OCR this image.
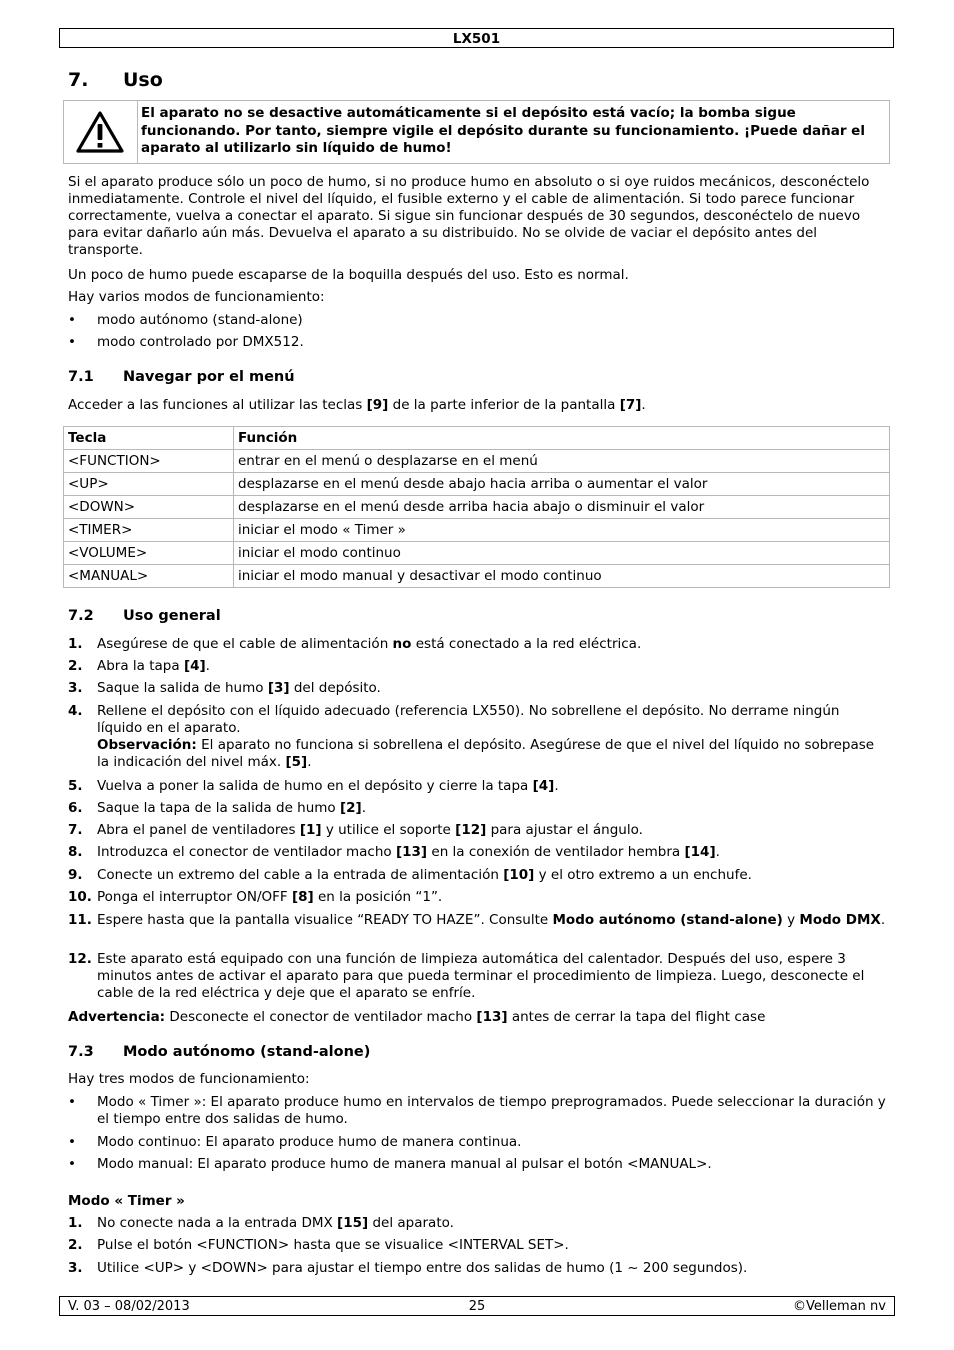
LX501
7. Uso
El aparato no se desactive automáticamente si el depósito está vacío; la bomba sigue funcionando. Por tanto, siempre vigile el depósito durante su funcionamiento. ¡Puede dañar el aparato al utilizarlo sin líquido de humo!
Si el aparato produce sólo un poco de humo, si no produce humo en absoluto o si oye ruidos mecánicos, desconéctelo inmediatamente. Controle el nivel del líquido, el fusible externo y el cable de alimentación. Si todo parece funcionar correctamente, vuelva a conectar el aparato. Si sigue sin funcionar después de 30 segundos, desconéctelo de nuevo para evitar dañarlo aún más. Devuelva el aparato a su distribuido. No se olvide de vaciar el depósito antes del transporte.
Un poco de humo puede escaparse de la boquilla después del uso. Esto es normal.
Hay varios modos de funcionamiento:
•	modo autónomo (stand-alone)
•	modo controlado por DMX512.
7.1 Navegar por el menú
Acceder a las funciones al utilizar las teclas [9] de la parte inferior de la pantalla [7].
Tecla	Función
<FUNCTION>	entrar en el menú o desplazarse en el menú
<UP>	desplazarse en el menú desde abajo hacia arriba o aumentar el valor
<DOWN>	desplazarse en el menú desde arriba hacia abajo o disminuir el valor
<TIMER>	iniciar el modo « Timer »
<VOLUME>	iniciar el modo continuo
<MANUAL>	iniciar el modo manual y desactivar el modo continuo
7.2 Uso general
1. Asegúrese de que el cable de alimentación no está conectado a la red eléctrica.
2. Abra la tapa [4].
3. Saque la salida de humo [3] del depósito.
4. Rellene el depósito con el líquido adecuado (referencia LX550). No sobrellene el depósito. No derrame ningún líquido en el aparato.
Observación: El aparato no funciona si sobrellena el depósito. Asegúrese de que el nivel del líquido no sobrepase la indicación del nivel máx. [5].
5. Vuelva a poner la salida de humo en el depósito y cierre la tapa [4].
6. Saque la tapa de la salida de humo [2].
7. Abra el panel de ventiladores [1] y utilice el soporte [12] para ajustar el ángulo.
8. Introduzca el conector de ventilador macho [13] en la conexión de ventilador hembra [14].
9. Conecte un extremo del cable a la entrada de alimentación [10] y el otro extremo a un enchufe.
10. Ponga el interruptor ON/OFF [8] en la posición “1”.
11. Espere hasta que la pantalla visualice “READY TO HAZE”. Consulte Modo autónomo (stand-alone) y Modo DMX.
12. Este aparato está equipado con una función de limpieza automática del calentador. Después del uso, espere 3 minutos antes de activar el aparato para que pueda terminar el procedimiento de limpieza. Luego, desconecte el cable de la red eléctrica y deje que el aparato se enfríe.
Advertencia: Desconecte el conector de ventilador macho [13] antes de cerrar la tapa del flight case
7.3 Modo autónomo (stand-alone)
Hay tres modos de funcionamiento:
•	Modo « Timer »: El aparato produce humo en intervalos de tiempo preprogramados. Puede seleccionar la duración y el tiempo entre dos salidas de humo.
•	Modo continuo: El aparato produce humo de manera continua.
•	Modo manual: El aparato produce humo de manera manual al pulsar el botón <MANUAL>.
Modo « Timer »
1. No conecte nada a la entrada DMX [15] del aparato.
2. Pulse el botón <FUNCTION> hasta que se visualice <INTERVAL SET>.
3. Utilice <UP> y <DOWN> para ajustar el tiempo entre dos salidas de humo (1 ~ 200 segundos).
V. 03 – 08/02/2013	25	©Velleman nv
